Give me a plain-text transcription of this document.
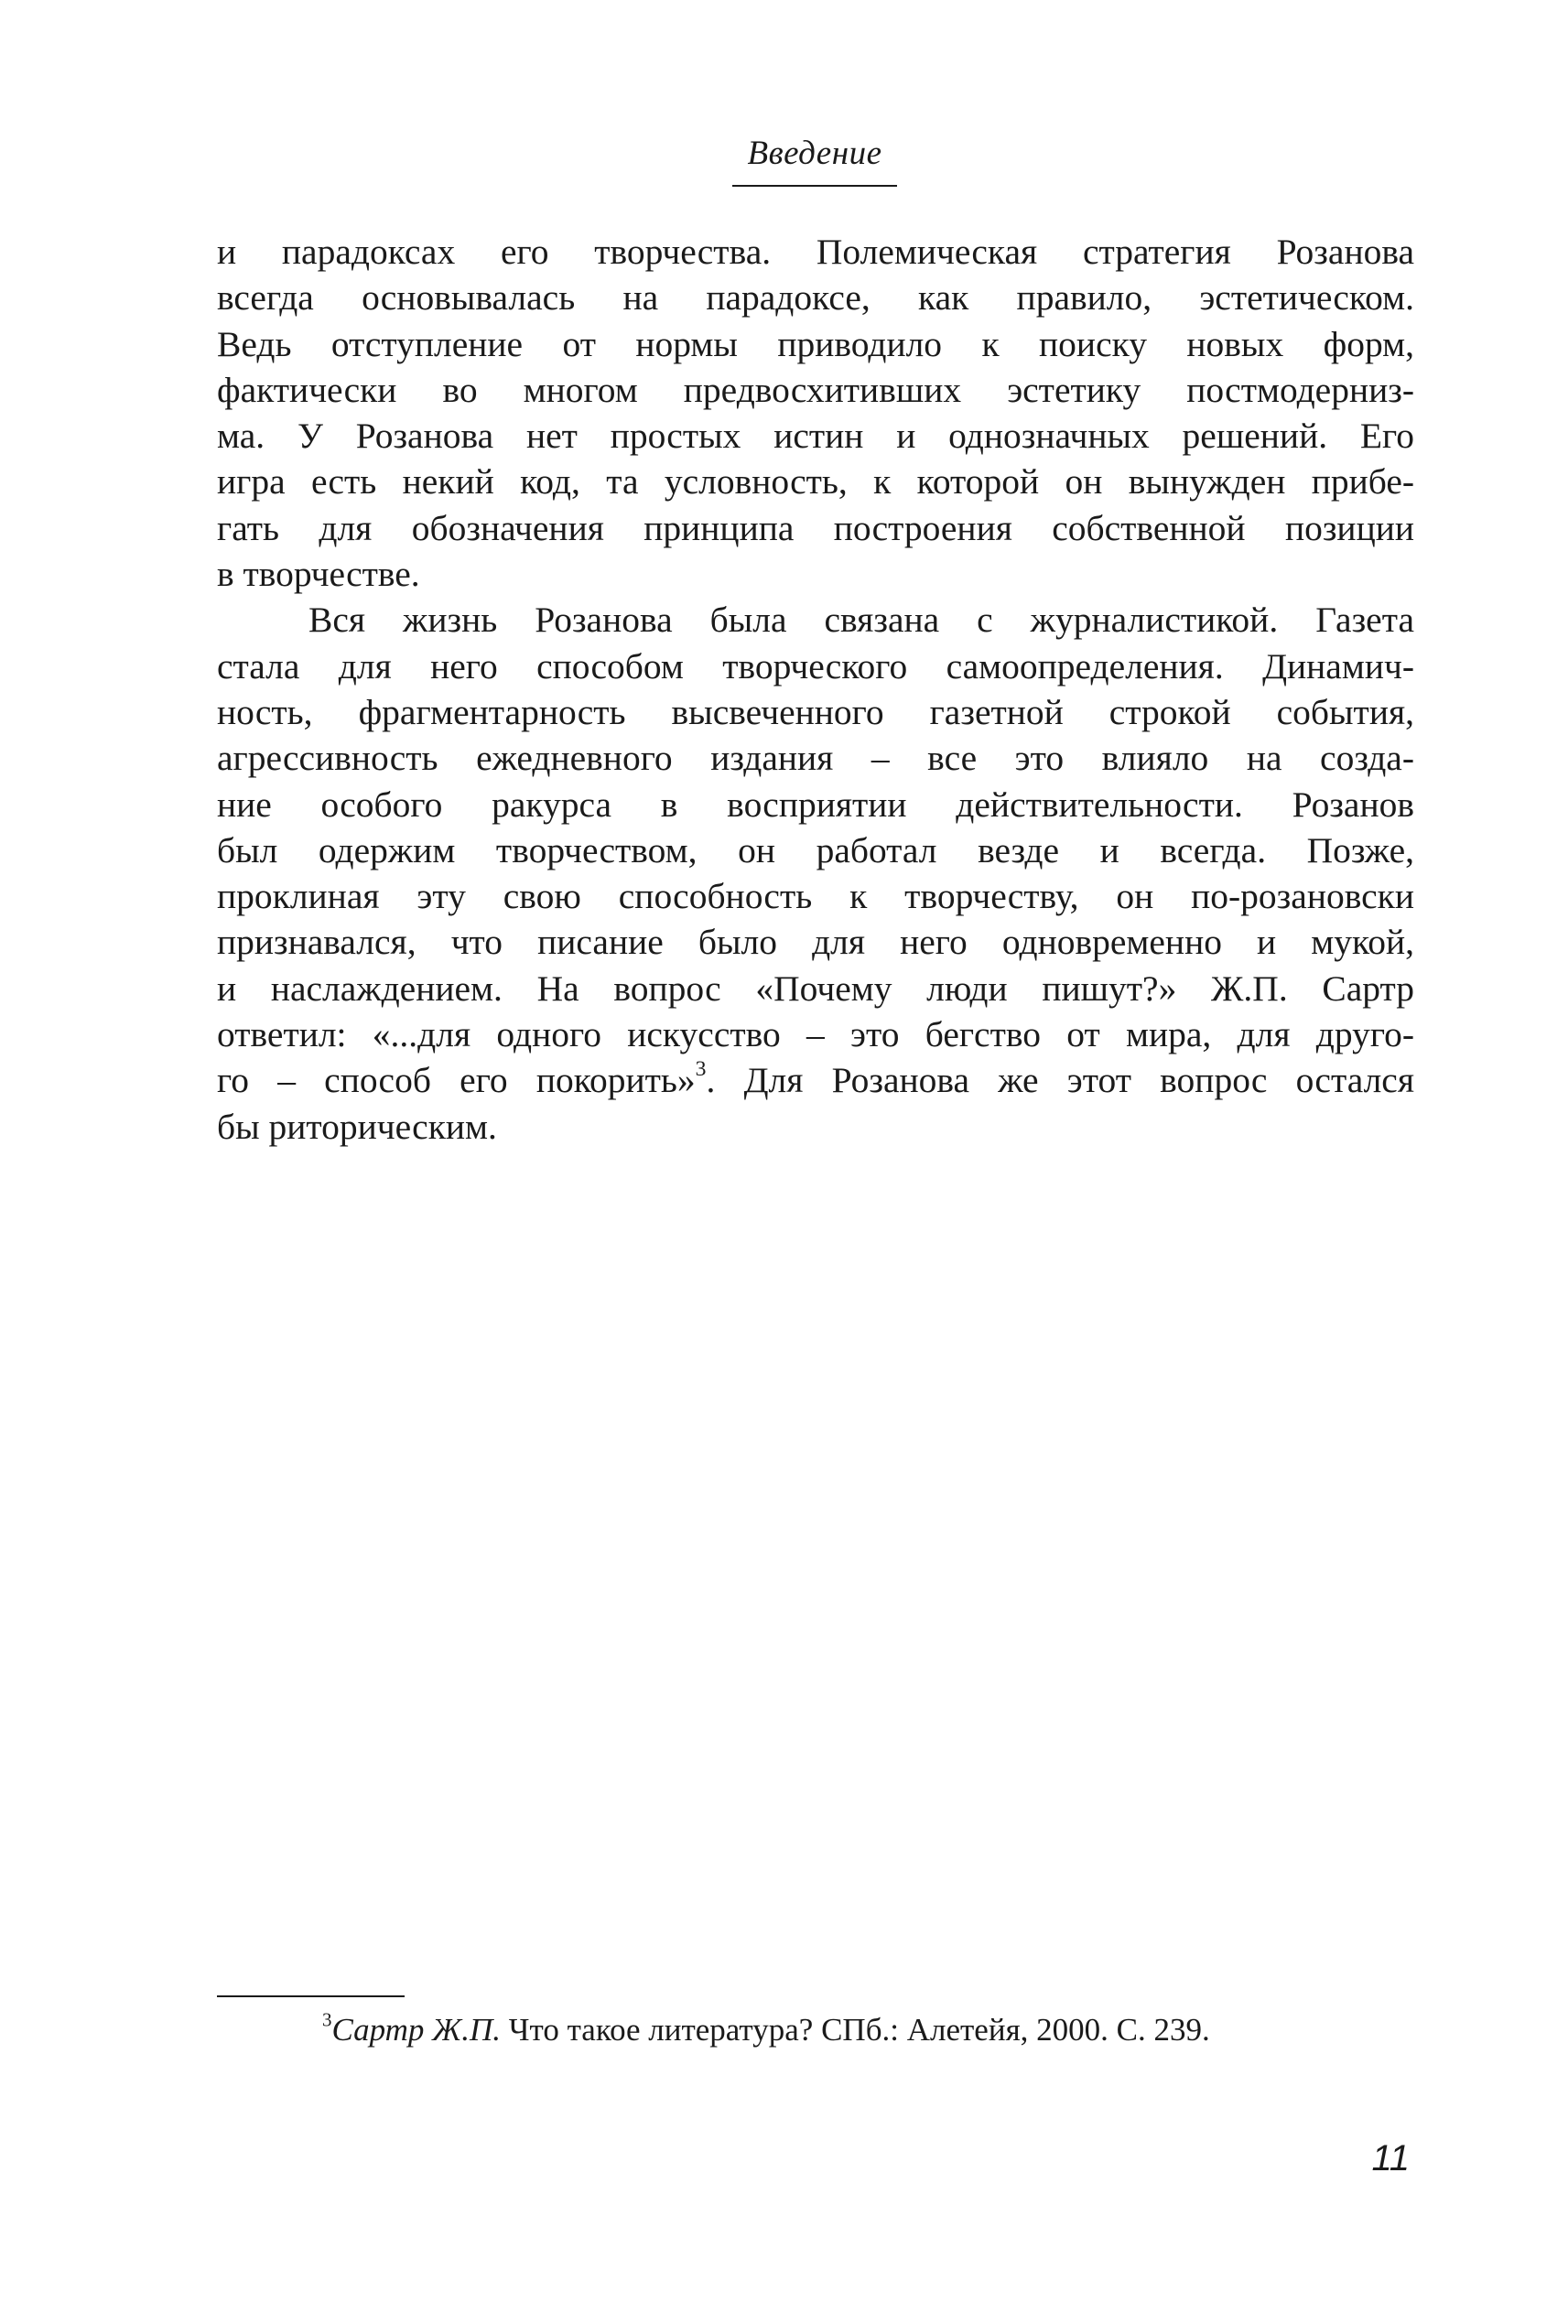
Введение
и парадоксах его творчества. Полемическая стратегия Розанова
всегда основывалась на парадоксе, как правило, эстетическом.
Ведь отступление от нормы приводило к поиску новых форм,
фактически во многом предвосхитивших эстетику постмодерниз-
ма. У Розанова нет простых истин и однозначных решений. Его
игра есть некий код, та условность, к которой он вынужден прибе-
гать для обозначения принципа построения собственной позиции
в творчестве.
Вся жизнь Розанова была связана с журналистикой. Газета
стала для него способом творческого самоопределения. Динамич-
ность, фрагментарность высвеченного газетной строкой события,
агрессивность ежедневного издания – все это влияло на созда-
ние особого ракурса в восприятии действительности. Розанов
был одержим творчеством, он работал везде и всегда. Позже,
проклиная эту свою способность к творчеству, он по-розановски
признавался, что писание было для него одновременно и мукой,
и наслаждением. На вопрос «Почему люди пишут?» Ж.П. Сартр
ответил: «...для одного искусство – это бегство от мира, для друго-
го – способ его покорить»$^3$. Для Розанова же этот вопрос остался
бы риторическим.
$^3$Сартр Ж.П. Что такое литература? СПб.: Алетейя, 2000. С. 239.
11
